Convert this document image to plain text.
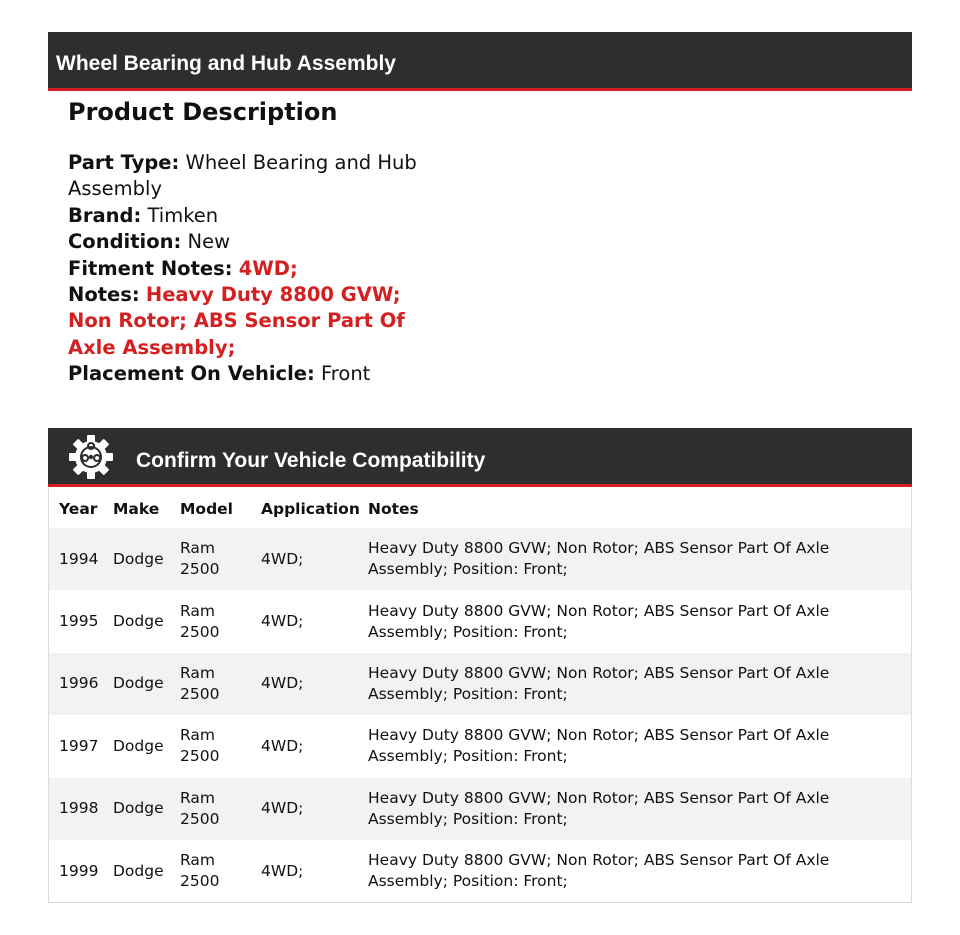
Wheel Bearing and Hub Assembly
Product Description
Part Type: Wheel Bearing and Hub Assembly
Brand: Timken
Condition: New
Fitment Notes: 4WD;
Notes: Heavy Duty 8800 GVW; Non Rotor; ABS Sensor Part Of Axle Assembly;
Placement On Vehicle: Front
Confirm Your Vehicle Compatibility
Year	Make	Model	Application	Notes
1994	Dodge	Ram 2500	4WD;	Heavy Duty 8800 GVW; Non Rotor; ABS Sensor Part Of Axle Assembly; Position: Front;
1995	Dodge	Ram 2500	4WD;	Heavy Duty 8800 GVW; Non Rotor; ABS Sensor Part Of Axle Assembly; Position: Front;
1996	Dodge	Ram 2500	4WD;	Heavy Duty 8800 GVW; Non Rotor; ABS Sensor Part Of Axle Assembly; Position: Front;
1997	Dodge	Ram 2500	4WD;	Heavy Duty 8800 GVW; Non Rotor; ABS Sensor Part Of Axle Assembly; Position: Front;
1998	Dodge	Ram 2500	4WD;	Heavy Duty 8800 GVW; Non Rotor; ABS Sensor Part Of Axle Assembly; Position: Front;
1999	Dodge	Ram 2500	4WD;	Heavy Duty 8800 GVW; Non Rotor; ABS Sensor Part Of Axle Assembly; Position: Front;
